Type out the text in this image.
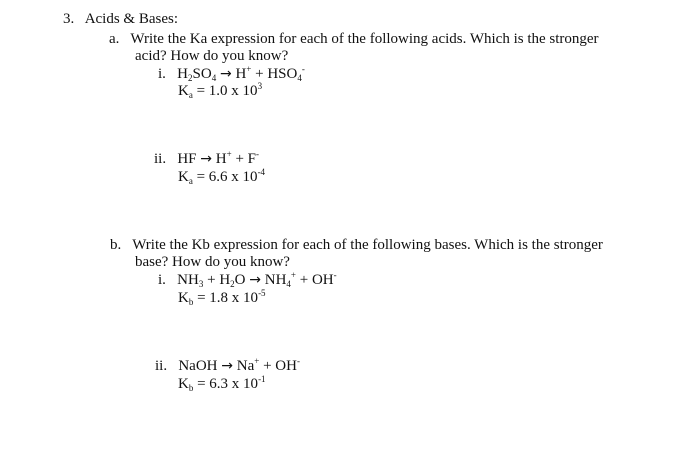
3. Acids & Bases:
a. Write the Ka expression for each of the following acids. Which is the stronger
acid? How do you know?
i. $H_2SO_4 \to H^+ + HSO_4^-$
$K_a = 1.0$ x $10^3$
ii. HF → H+ + F-
$K_a = 6.6$ x $10^{-4}$
b. Write the Kb expression for each of the following bases. Which is the stronger
base? How do you know?
i. $NH_3 + H_2O \to NH_4^+ + OH^-$
$K_b = 1.8$ x $10^{-5}$
ii. NaOH → Na+ + OH-
$K_b = 6.3$ x $10^{-1}$
